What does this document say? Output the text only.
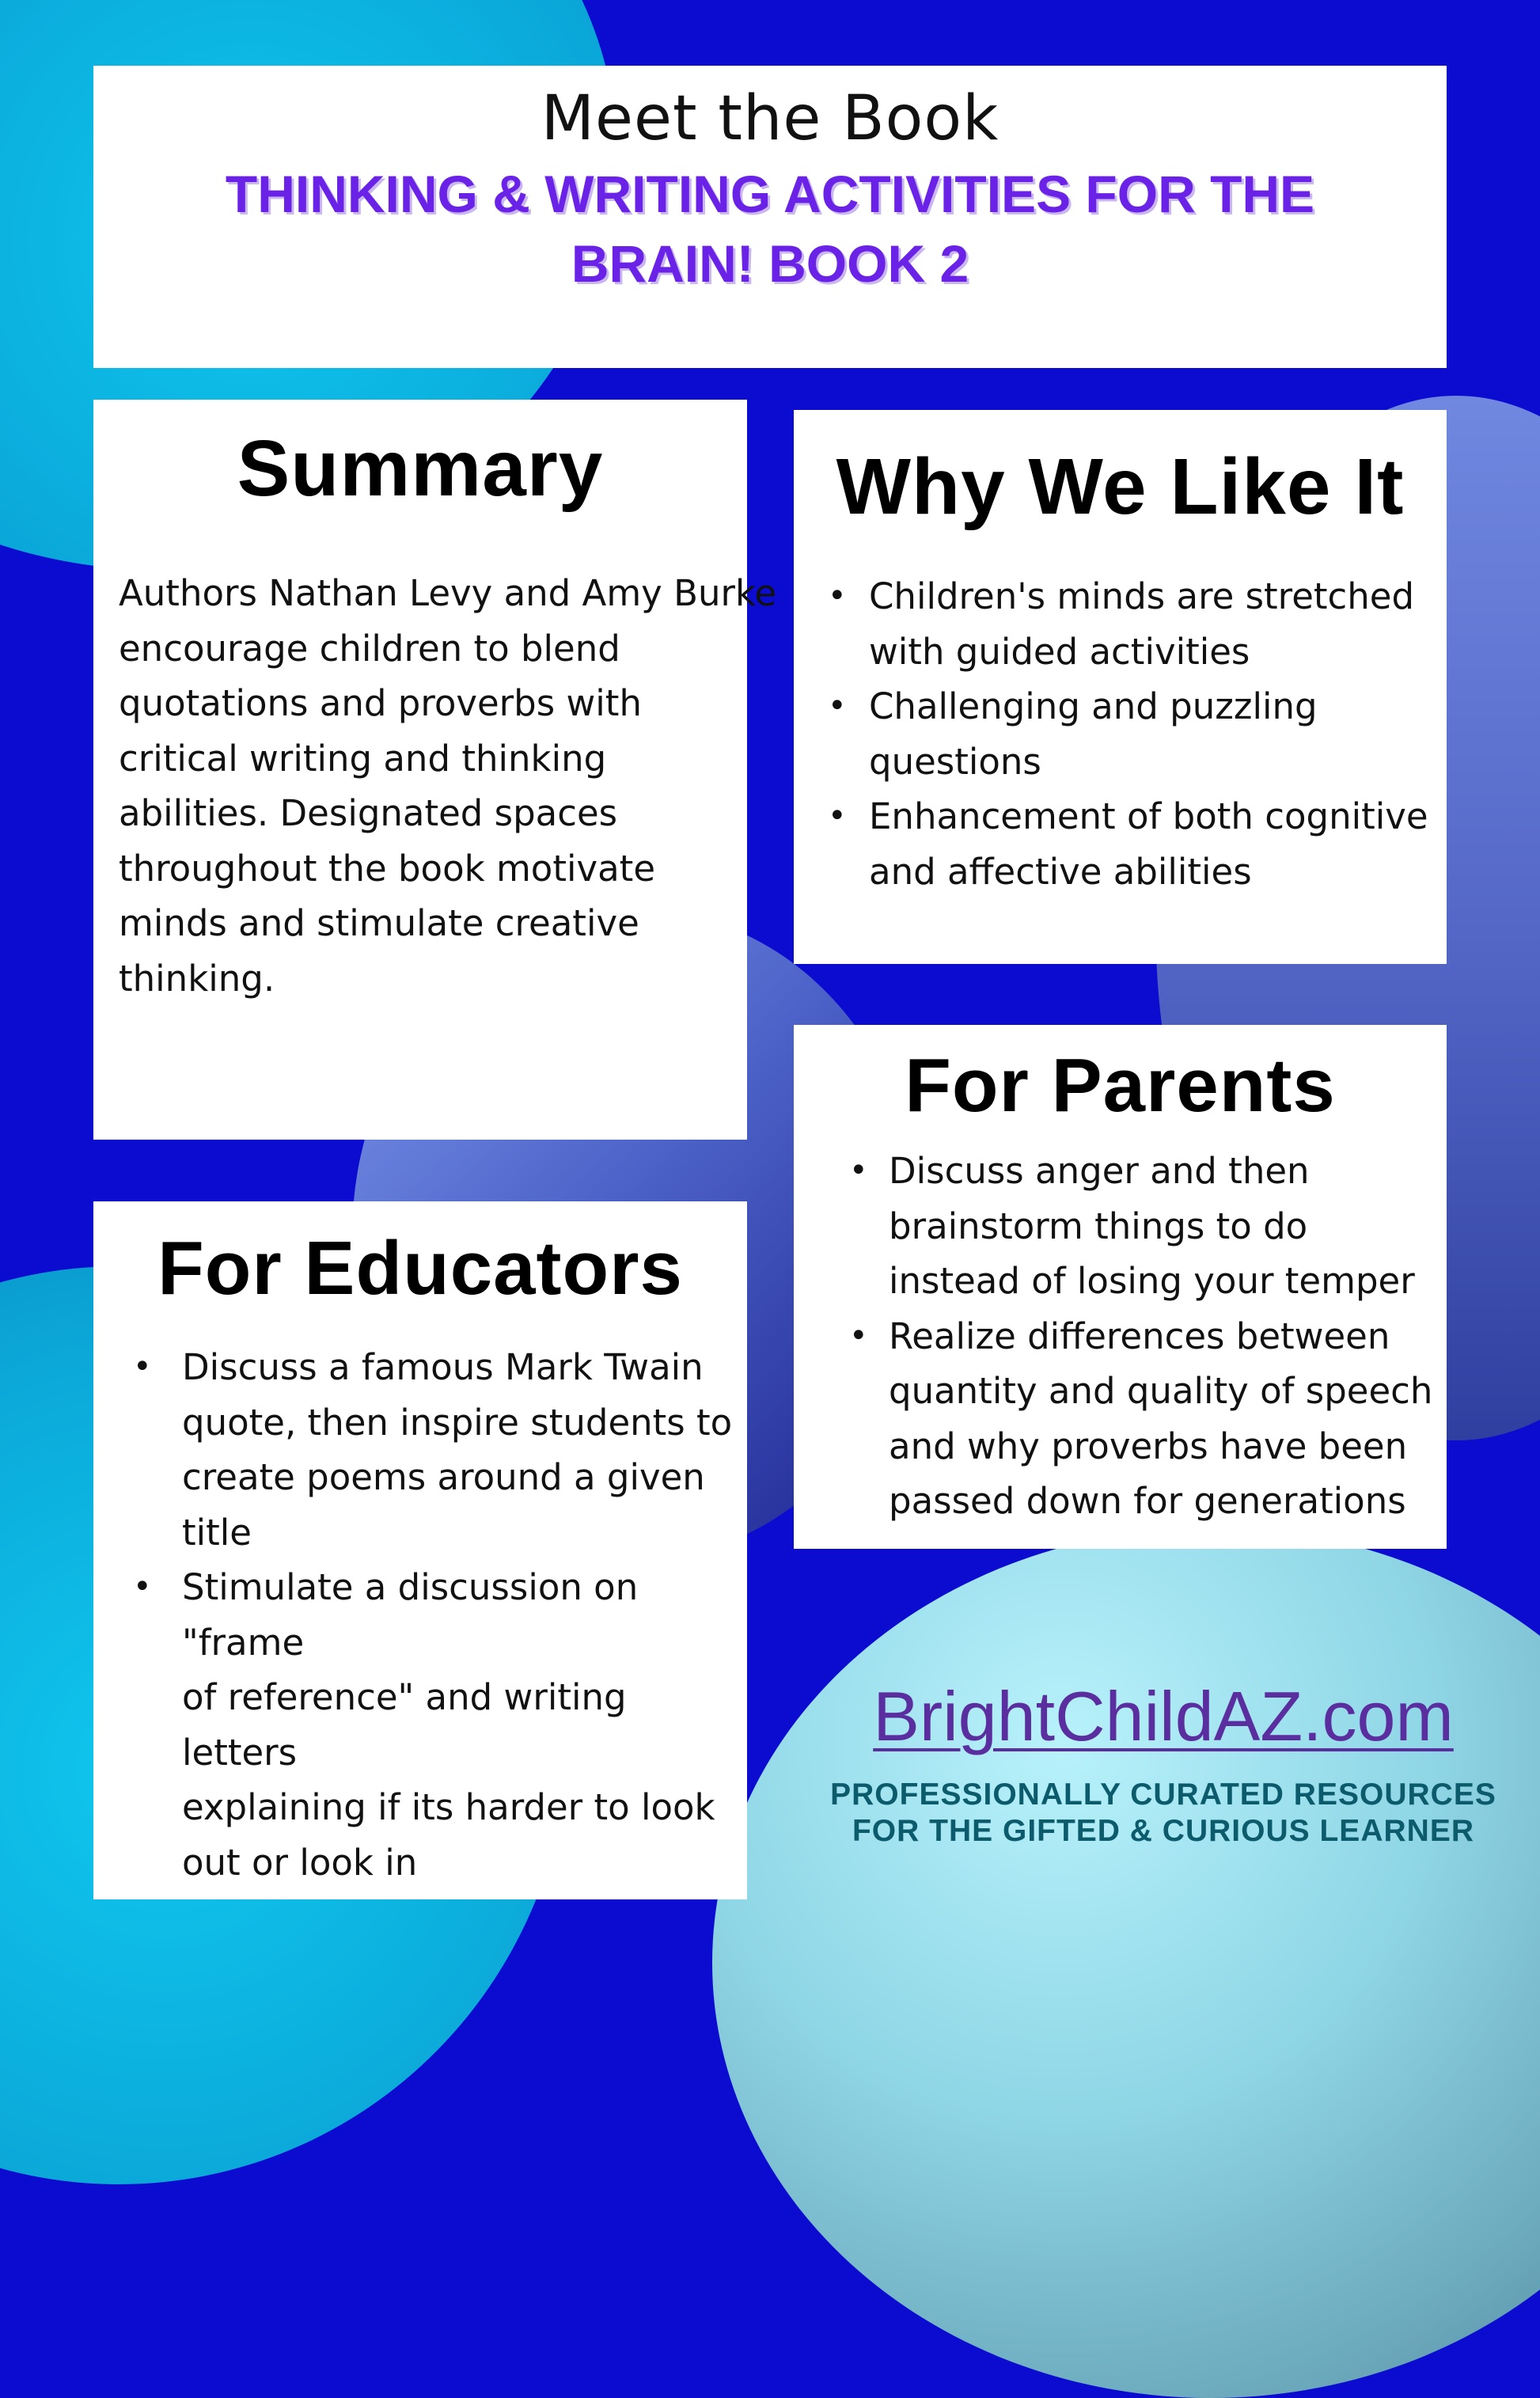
Meet the Book
THINKING & WRITING ACTIVITIES FOR THE BRAIN! BOOK 2
Summary
Authors Nathan Levy and Amy Burke
encourage children to blend
quotations and proverbs with
critical writing and thinking
abilities. Designated spaces
throughout the book motivate
minds and stimulate creative
thinking.
Why We Like It
• Children's minds are stretched
with guided activities
• Challenging and puzzling
questions
• Enhancement of both cognitive
and affective abilities
For Parents
• Discuss anger and then
brainstorm things to do
instead of losing your temper
• Realize differences between
quantity and quality of speech
and why proverbs have been
passed down for generations
For Educators
• Discuss a famous Mark Twain
quote, then inspire students to
create poems around a given
title
• Stimulate a discussion on "frame
of reference" and writing letters
explaining if its harder to look
out or look in
BrightChildAZ.com
PROFESSIONALLY CURATED RESOURCES
FOR THE GIFTED & CURIOUS LEARNER
